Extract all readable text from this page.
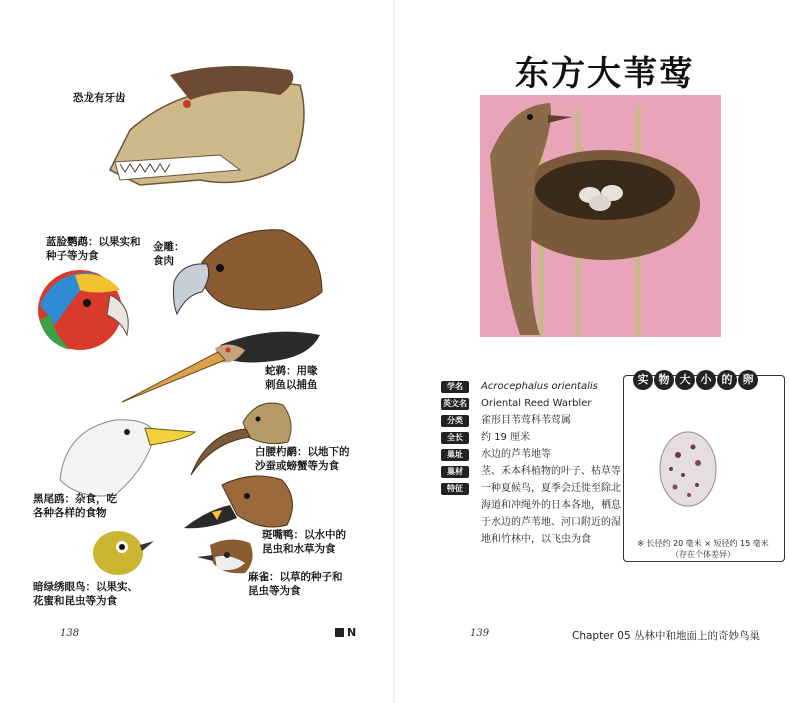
恐龙有牙齿
蓝脸鹦鹉：以果实和
种子等为食
金雕：
食肉
蛇鹈：用喙
刺鱼以捕鱼
黑尾鸥：杂食，吃
各种各样的食物
白腰杓鹬：以地下的
沙蚕或螃蟹等为食
斑嘴鸭：以水中的
昆虫和水草为食
暗绿绣眼鸟：以果实、
花蜜和昆虫等为食
麻雀：以草的种子和
昆虫等为食
138	N
东方大苇莺
学名	Acrocephalus orientalis
英文名 Oriental Reed Warbler
分类	雀形目苇莺科苇莺属
全长	约 19 厘米
巢址	水边的芦苇地等
巢材	茎、禾本科植物的叶子、枯草等
特征	一种夏候鸟，夏季会迁徙至除北
海道和冲绳外的日本各地，栖息
于水边的芦苇地、河口附近的湿
地和竹林中，以飞虫为食
实 物 大 小 的 卵
※ 长径约 20 毫米 × 短径约 15 毫米
（存在个体差异）
139	Chapter 05 丛林中和地面上的奇妙鸟巢
